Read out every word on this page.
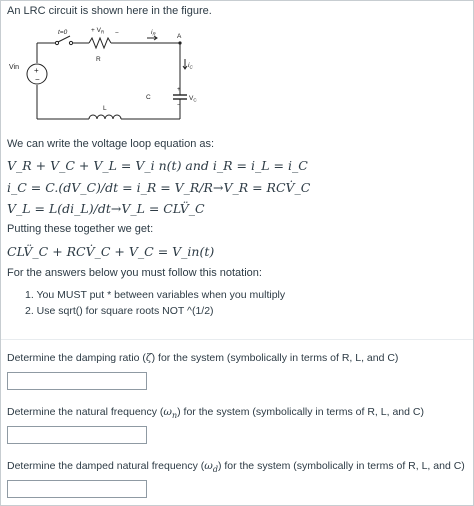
An LRC circuit is shown here in the figure.
t=0	+ $V_R$ −	$i_R$	A
Vin
R
$i_C$
C
+
−
$V_C$
L
+
−
We can write the voltage loop equation as:
V_R + V_C + V_L = V_i n(t) and i_R = i_L = i_C
i_C = C.(dV_C)/dt = i_R = V_R/R→V_R = RCV̇_C
V_L = L(di_L)/dt→V_L = CLV̈_C
Putting these together we get:
CLV̈_C + RCV̇_C + V_C = V_in(t)
For the answers below you must follow this notation:
1. You MUST put * between variables when you multiply
2. Use sqrt() for square roots NOT ^(1/2)
Determine the damping ratio (ζ) for the system (symbolically in terms of R, L, and C)
Determine the natural frequency $(\omega_n)$ for the system (symbolically in terms of R, L, and C)
Determine the damped natural frequency $(\omega_d)$ for the system (symbolically in terms of R, L, and C)
